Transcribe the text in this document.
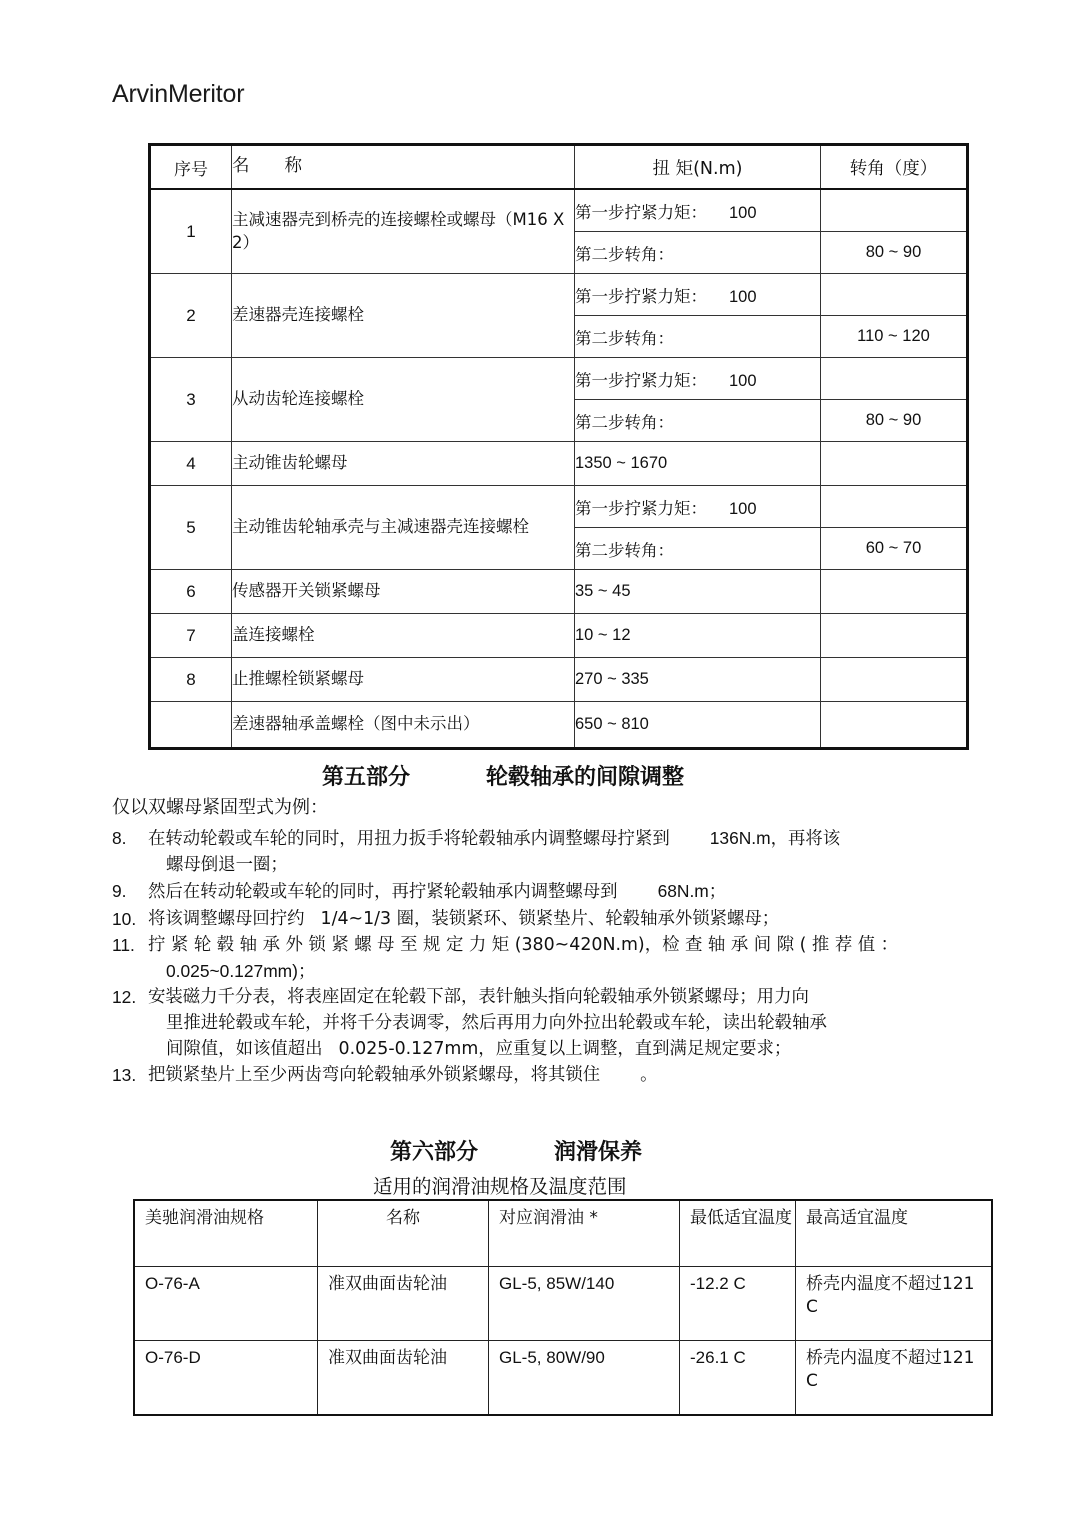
ArvinMeritor
序号	名　　称	扭 矩(N.m)	转角（度）
1	主减速器壳到桥壳的连接螺栓或螺母（M16 X 2）	第一步拧紧力矩： 100	
		第二步转角：	80 ~ 90
2	差速器壳连接螺栓	第一步拧紧力矩： 100	
		第二步转角：	110 ~ 120
3	从动齿轮连接螺栓	第一步拧紧力矩： 100	
		第二步转角：	80 ~ 90
4	主动锥齿轮螺母	1350 ~ 1670	
5	主动锥齿轮轴承壳与主减速器壳连接螺栓	第一步拧紧力矩： 100	
		第二步转角：	60 ~ 70
6	传感器开关锁紧螺母	35 ~ 45	
7	盖连接螺栓	10 ~ 12	
8	止推螺栓锁紧螺母	270 ~ 335	
	差速器轴承盖螺栓（图中未示出）	650 ~ 810	
第五部分	轮毂轴承的间隙调整
仅以双螺母紧固型式为例：
8.	在转动轮毂或车轮的同时，用扭力扳手将轮毂轴承内调整螺母拧紧到 136N.m，再将该
螺母倒退一圈；
9.	然后在转动轮毂或车轮的同时，再拧紧轮毂轴承内调整螺母到 68N.m；
10. 将该调整螺母回拧约 1/4~1/3 圈，装锁紧环、锁紧垫片、轮毂轴承外锁紧螺母；
11. 拧 紧 轮 毂 轴 承 外 锁 紧 螺 母 至 规 定 力 矩 (380~420N.m)，检 查 轴 承 间 隙 ( 推 荐 值 ：
0.025~0.127mm)；
12. 安装磁力千分表，将表座固定在轮毂下部，表针触头指向轮毂轴承外锁紧螺母；用力向
里推进轮毂或车轮，并将千分表调零，然后再用力向外拉出轮毂或车轮，读出轮毂轴承
间隙值，如该值超出 0.025-0.127mm，应重复以上调整，直到满足规定要求；
13. 把锁紧垫片上至少两齿弯向轮毂轴承外锁紧螺母，将其锁住 。
第六部分	润滑保养
适用的润滑油规格及温度范围
美驰润滑油规格	名称	对应润滑油 *	最低适宜温度	最高适宜温度
O-76-A	准双曲面齿轮油	GL-5, 85W/140	-12.2 C	桥壳内温度不超过121 C
O-76-D	准双曲面齿轮油	GL-5, 80W/90	-26.1 C	桥壳内温度不超过121 C
